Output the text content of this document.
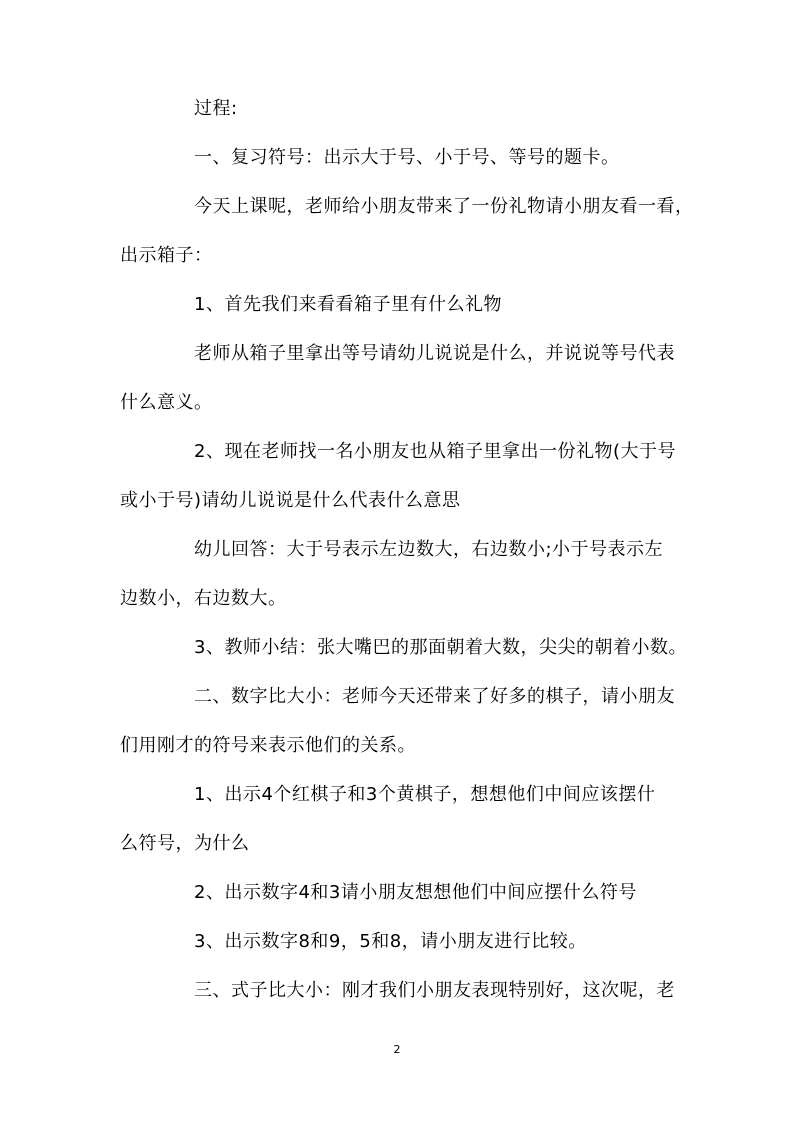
过程:
一、复习符号：出示大于号、小于号、等号的题卡。
今天上课呢，老师给小朋友带来了一份礼物请小朋友看一看，
出示箱子：
1、首先我们来看看箱子里有什么礼物
老师从箱子里拿出等号请幼儿说说是什么，并说说等号代表
什么意义。
2、现在老师找一名小朋友也从箱子里拿出一份礼物(大于号
或小于号)请幼儿说说是什么代表什么意思
幼儿回答：大于号表示左边数大，右边数小;小于号表示左
边数小，右边数大。
3、教师小结：张大嘴巴的那面朝着大数，尖尖的朝着小数。
二、数字比大小：老师今天还带来了好多的棋子，请小朋友
们用刚才的符号来表示他们的关系。
1、出示4个红棋子和3个黄棋子，想想他们中间应该摆什
么符号，为什么
2、出示数字4和3请小朋友想想他们中间应摆什么符号
3、出示数字8和9，5和8，请小朋友进行比较。
三、式子比大小：刚才我们小朋友表现特别好，这次呢，老
2
